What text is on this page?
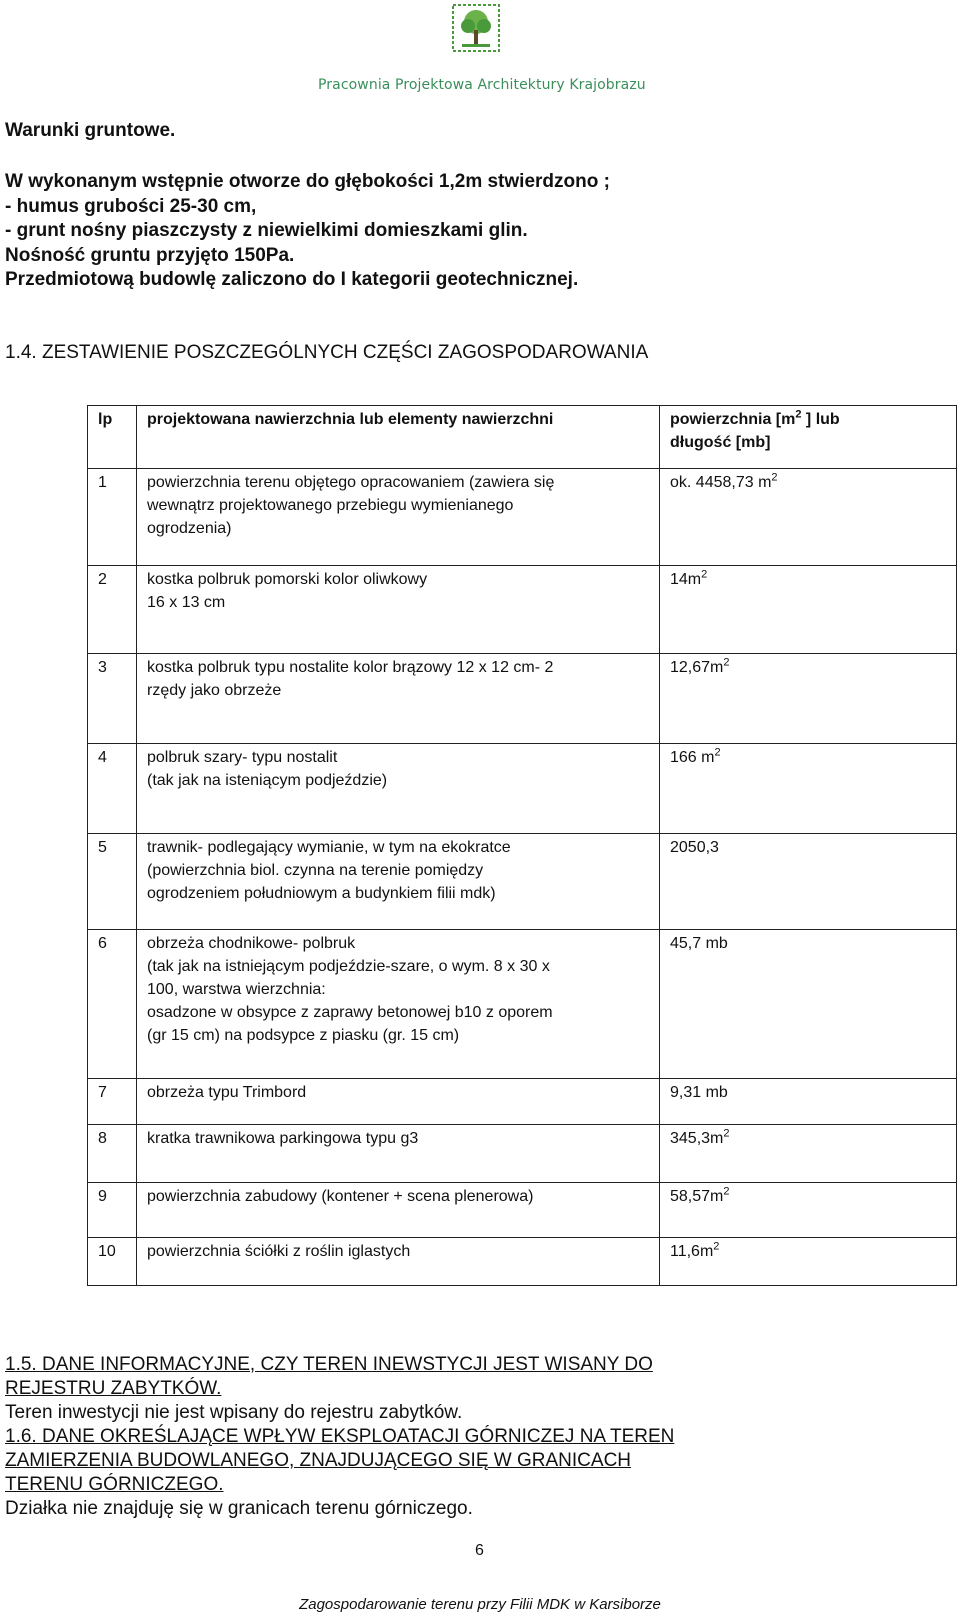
Pracownia Projektowa Architektury Krajobrazu
Warunki gruntowe.
W wykonanym wstępnie otworze do głębokości 1,2m stwierdzono ;
- humus grubości 25-30 cm,
- grunt nośny piaszczysty z niewielkimi domieszkami glin.
Nośność gruntu przyjęto 150Pa.
Przedmiotową budowlę zaliczono do I kategorii geotechnicznej.
1.4. ZESTAWIENIE POSZCZEGÓLNYCH CZĘŚCI ZAGOSPODAROWANIA
lp	projektowana nawierzchnia lub elementy nawierzchni	powierzchnia [$m^2$ ] lub
długość [mb]
1	powierzchnia terenu objętego opracowaniem (zawiera się
wewnątrz projektowanego przebiegu wymienianego
ogrodzenia)	ok. 4458,73 $m^2$
2	kostka polbruk pomorski kolor oliwkowy
16 x 13 cm	$14m^2$
3	kostka polbruk typu nostalite kolor brązowy 12 x 12 cm- 2
rzędy jako obrzeże	$12,67m^2$
4	polbruk szary- typu nostalit
(tak jak na isteniącym podjeździe)	166 $m^2$
5	trawnik- podlegający wymianie, w tym na ekokratce
(powierzchnia biol. czynna na terenie pomiędzy
ogrodzeniem południowym a budynkiem filii mdk)	2050,3
6	obrzeża chodnikowe- polbruk
(tak jak na istniejącym podjeździe-szare, o wym. 8 x 30 x
100, warstwa wierzchnia:
osadzone w obsypce z zaprawy betonowej b10 z oporem
(gr 15 cm) na podsypce z piasku (gr. 15 cm)	45,7 mb
7	obrzeża typu Trimbord	9,31 mb
8	kratka trawnikowa parkingowa typu g3	$345,3m^2$
9	powierzchnia zabudowy (kontener + scena plenerowa)	$58,57m^2$
10	powierzchnia ściółki z roślin iglastych	$11,6m^2$
1.5. DANE INFORMACYJNE, CZY TEREN INEWSTYCJI JEST WISANY DO
REJESTRU ZABYTKÓW.
Teren inwestycji nie jest wpisany do rejestru zabytków.
1.6. DANE OKREŚLAJĄCE WPŁYW EKSPLOATACJI GÓRNICZEJ NA TEREN
ZAMIERZENIA BUDOWLANEGO, ZNAJDUJĄCEGO SIĘ W GRANICACH
TERENU GÓRNICZEGO.
Działka nie znajduję się w granicach terenu górniczego.
6
Zagospodarowanie terenu przy Filii MDK w Karsiborze
